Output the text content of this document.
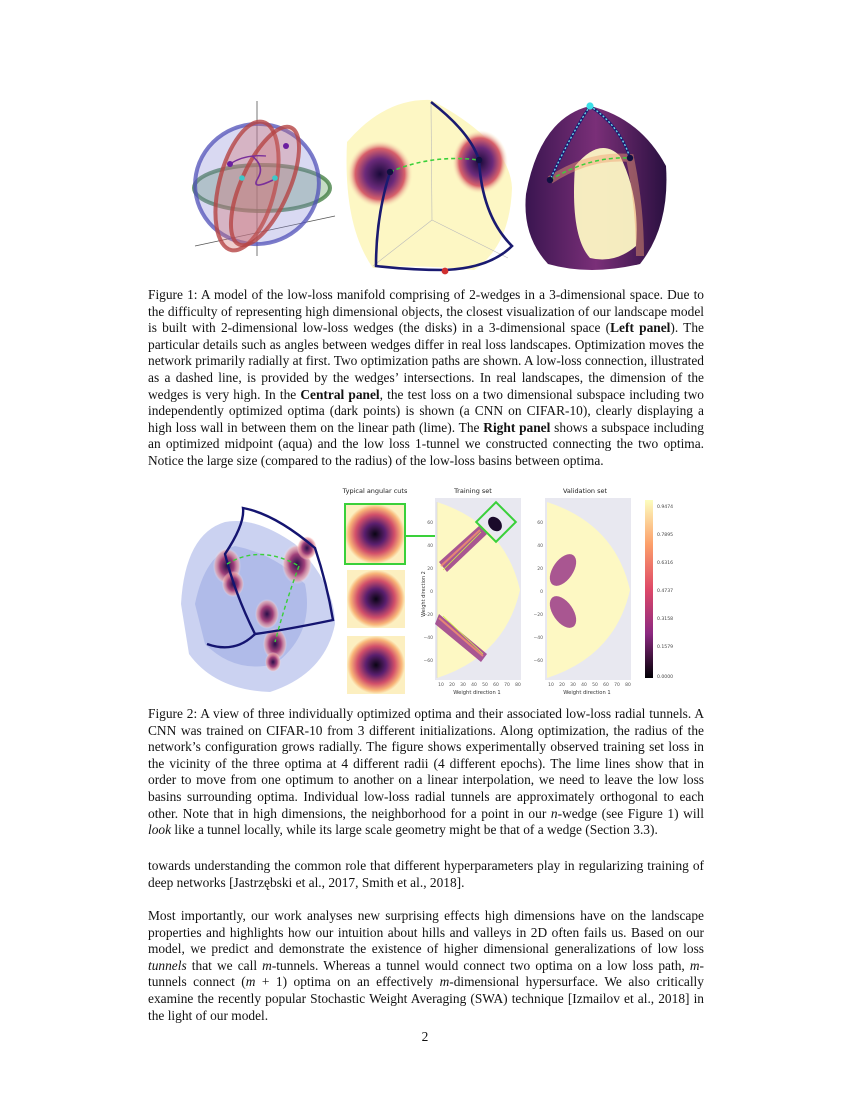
Figure 1: A model of the low-loss manifold comprising of 2-wedges in a 3-dimensional space. Due to the difficulty of representing high dimensional objects, the closest visualization of our landscape model is built with 2-dimensional low-loss wedges (the disks) in a 3-dimensional space (Left panel). The particular details such as angles between wedges differ in real loss landscapes. Optimization moves the network primarily radially at first. Two optimization paths are shown. A low-loss connection, illustrated as a dashed line, is provided by the wedges’ intersections. In real landscapes, the dimension of the wedges is very high. In the Central panel, the test loss on a two dimensional subspace including two independently optimized optima (dark points) is shown (a CNN on CIFAR-10), clearly displaying a high loss wall in between them on the linear path (lime). The Right panel shows a subspace including an optimized midpoint (aqua) and the low loss 1-tunnel we constructed connecting the two optima. Notice the large size (compared to the radius) of the low-loss basins between optima.

Typical angular cuts	Training set
Weight direction 2
Weight direction 1
60
40
20
0
−20
−40
−60
10 20 30 40 50 60 70 80
Validation set
Weight direction 1
60
40
20
0
−20
−40
−60
10 20 30 40 50 60 70 80
0.9474
0.7895
0.6316
0.4737
0.3158
0.1579
0.0000

Figure 2: A view of three individually optimized optima and their associated low-loss radial tunnels. A CNN was trained on CIFAR-10 from 3 different initializations. Along optimization, the radius of the network’s configuration grows radially. The figure shows experimentally observed training set loss in the vicinity of the three optima at 4 different radii (4 different epochs). The lime lines show that in order to move from one optimum to another on a linear interpolation, we need to leave the low loss basins surrounding optima. Individual low-loss radial tunnels are approximately orthogonal to each other. Note that in high dimensions, the neighborhood for a point in our n-wedge (see Figure 1) will look like a tunnel locally, while its large scale geometry might be that of a wedge (Section 3.3).

towards understanding the common role that different hyperparameters play in regularizing training of deep networks [Jastrzębski et al., 2017, Smith et al., 2018].

Most importantly, our work analyses new surprising effects high dimensions have on the landscape properties and highlights how our intuition about hills and valleys in 2D often fails us. Based on our model, we predict and demonstrate the existence of higher dimensional generalizations of low loss tunnels that we call m-tunnels. Whereas a tunnel would connect two optima on a low loss path, m-tunnels connect (m + 1) optima on an effectively m-dimensional hypersurface. We also critically examine the recently popular Stochastic Weight Averaging (SWA) technique [Izmailov et al., 2018] in the light of our model.

2
